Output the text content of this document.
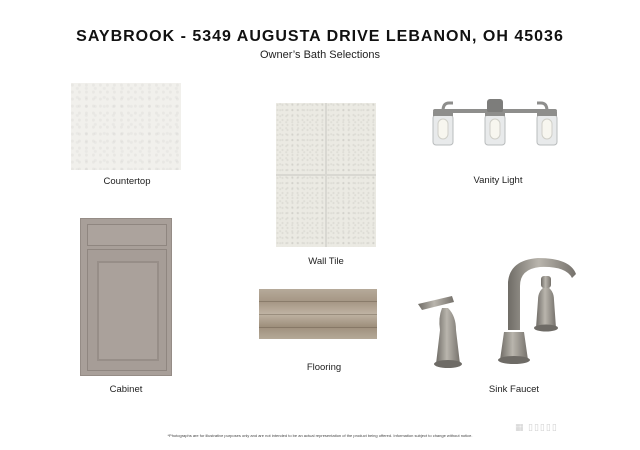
SAYBROOK - 5349 AUGUSTA DRIVE LEBANON, OH 45036
Owner’s Bath Selections
Countertop
Wall Tile
Vanity Light
Cabinet
Flooring
Sink Faucet
*Photographs are for illustrative purposes only and are not intended to be an actual representation of the product being offered. Information subject to change without notice.
▦ ▯▯▯▯▯
